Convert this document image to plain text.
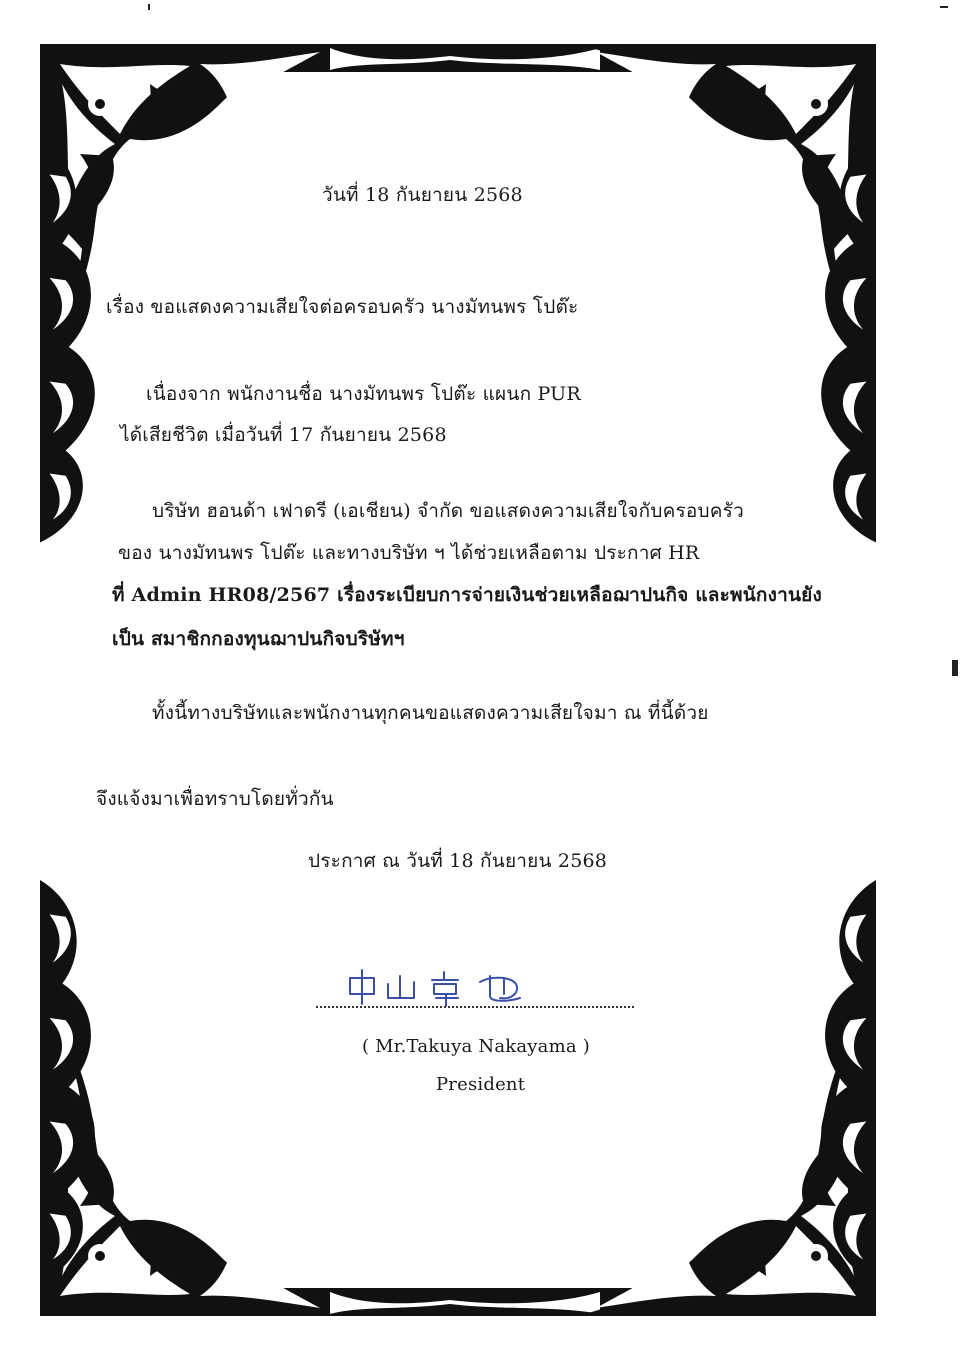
วันที่ 18 กันยายน 2568
เรื่อง ขอแสดงความเสียใจต่อครอบครัว นางมัทนพร โปต๊ะ
เนื่องจาก พนักงานชื่อ นางมัทนพร โปต๊ะ แผนก PUR
ได้เสียชีวิต เมื่อวันที่ 17 กันยายน 2568
บริษัท ฮอนด้า เฟาดรี (เอเชียน) จำกัด ขอแสดงความเสียใจกับครอบครัว
ของ นางมัทนพร โปต๊ะ และทางบริษัท ฯ ได้ช่วยเหลือตาม ประกาศ HR
ที่ Admin HR08/2567 เรื่องระเบียบการจ่ายเงินช่วยเหลือฌาปนกิจ และพนักงานยัง
เป็น สมาชิกกองทุนฌาปนกิจบริษัทฯ
ทั้งนี้ทางบริษัทและพนักงานทุกคนขอแสดงความเสียใจมา ณ ที่นี้ด้วย
จึงแจ้งมาเพื่อทราบโดยทั่วกัน
ประกาศ ณ วันที่ 18 กันยายน 2568
( Mr.Takuya Nakayama )
President
